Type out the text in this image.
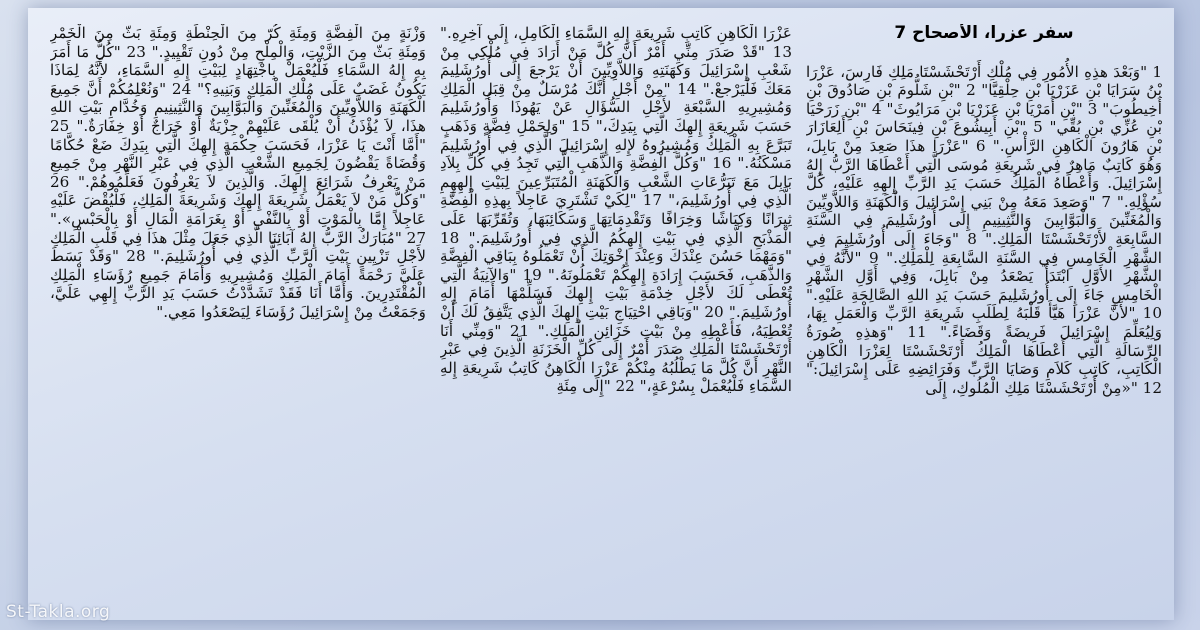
سفر عزرا، الأصحاح 7
1 "وَبَعْدَ هذِهِ الأُمُورِ فِي مُلْكِ أَرْتَحْشَسْتَا مَلِكِ فَارِسَ، عَزْرَا بْنُ سَرَايَا بْنِ عَزَرْيَا بْنِ حِلْقِيَّا" 2 "بْنِ شَلُّومَ بْنِ صَادُوقَ بْنِ أَخِيطُوبَ" 3 "بْنِ أَمَرْيَا بْنِ عَزَرْيَا بْنِ مَرَايُوثَ" 4 "بْنِ زَرَحْيَا بْنِ عُزِّي بْنِ بُقِّي" 5 "بْنِ أَبِيشُوعَ بْنِ فِينَحَاسَ بْنِ أَلِعَازَارَ بْنِ هَارُونَ الْكَاهِنِ الرَّأْسِ." 6 "عَزْرَا هذَا صَعِدَ مِنْ بَابِلَ، وَهُوَ كَاتِبٌ مَاهِرٌ فِي شَرِيعَةِ مُوسَى الَّتِي أَعْطَاهَا الرَّبُّ إِلهُ إِسْرَائِيلَ. وَأَعْطَاهُ الْمَلِكُ حَسَبَ يَدِ الرَّبِّ إِلهِهِ عَلَيْهِ، كُلَّ سُؤْلِهِ." 7 "وَصَعِدَ مَعَهُ مِنْ بَنِي إِسْرَائِيلَ وَالْكَهَنَةِ وَاللاَّوِيِّينَ وَالْمُغَنِّينَ وَالْبَوَّابِينَ وَالنَّثِينِيمِ إِلَى أُورُشَلِيمَ فِي السَّنَةِ السَّابِعَةِ لأَرْتَحْشَسْتَا الْمَلِكِ." 8 "وَجَاءَ إِلَى أُورُشَلِيمَ فِي الشَّهْرِ الْخَامِسِ فِي السَّنَةِ السَّابِعَةِ لِلْمَلِكِ." 9 "لأَنَّهُ فِي الشَّهْرِ الأَوَّلِ ابْتَدَأَ يَصْعَدُ مِنْ بَابِلَ، وَفِي أَوَّلِ الشَّهْرِ الْخَامِسِ جَاءَ إِلَى أُورُشَلِيمَ حَسَبَ يَدِ اللهِ الصَّالِحَةِ عَلَيْهِ." 10 "لأَنَّ عَزْرَا هَيَّأَ قَلْبَهُ لِطَلَبِ شَرِيعَةِ الرَّبِّ وَالْعَمَلِ بِهَا، وَلِيُعَلِّمَ إِسْرَائِيلَ فَرِيضَةً وَقَضَاءً." 11 "وَهذِهِ صُورَةُ الرِّسَالَةِ الَّتِي أَعْطَاهَا الْمَلِكُ أَرْتَحْشَسْتَا لِعَزْرَا الْكَاهِنِ الْكَاتِبِ، كَاتِبِ كَلاَمِ وَصَايَا الرَّبِّ وَفَرَائِضِهِ عَلَى إِسْرَائِيلَ:" 12 "«مِنْ أَرْتَحْشَسْتَا مَلِكِ الْمُلُوكِ، إِلَى
عَزْرَا الْكَاهِنِ كَاتِبِ شَرِيعَةِ إِلهِ السَّمَاءِ الْكَامِلِ، إِلَى آخِرِهِ." 13 "قَدْ صَدَرَ مِنِّي أَمْرٌ أَنَّ كُلَّ مَنْ أَرَادَ فِي مُلْكِي مِنْ شَعْبِ إِسْرَائِيلَ وَكَهَنَتِهِ وَاللاَّوِيِّينَ أَنْ يَرْجعَ إِلَى أُورُشَلِيمَ مَعَكَ فَلْيَرْجعْ." 14 "مِنْ أَجْلِ أَنَّكَ مُرْسَلٌ مِنْ قِبَلِ الْمَلِكِ وَمُشِيرِيهِ السَّبْعَةِ لأَجْلِ السُّؤَالِ عَنْ يَهُوذَا وَأُورُشَلِيمَ حَسَبَ شَرِيعَةِ إِلهِكَ الَّتِي بِيَدِكَ،" 15 "وَلِحَمْلِ فِضَّةٍ وَذَهَبٍ تَبَرَّعَ بِهِ الْمَلِكُ وَمُشِيرُوهُ لإِلهِ إِسْرَائِيلَ الَّذِي فِي أُورُشَلِيمَ مَسْكَنُهُ." 16 "وَكُلَّ الْفِضَّةِ وَالذَّهَبِ الَّتِي تَجِدُ فِي كُلِّ بِلاَدِ بَابِلَ مَعَ تَبَرُّعَاتِ الشَّعْبِ وَالْكَهَنَةِ الْمُتَبَرِّعِينَ لِبَيْتِ إِلهِهِمِ الَّذِي فِي أُورُشَلِيمَ،" 17 "لِكَيْ تَشْتَرِيَ عَاجِلاً بِهذِهِ الْفِضَّةِ ثِيرَانًا وَكِبَاشًا وَخِرَافًا وَتَقْدِمَاتِهَا وَسَكَائِبَهَا، وَتُقَرِّبَهَا عَلَى الْمَذْبَحِ الَّذِي فِي بَيْتِ إِلهِكُمُ الَّذِي فِي أُورُشَلِيمَ." 18 "وَمَهْمَا حَسُنَ عِنْدَكَ وَعِنْدَ إِخْوَتِكَ أَنْ تَعْمَلُوهُ بِبَاقِي الْفِضَّةِ وَالذَّهَبِ، فَحَسَبَ إِرَادَةِ إِلهِكُمْ تَعْمَلُونَهُ." 19 "وَالآنِيَةُ الَّتِي تُعْطَى لَكَ لأَجْلِ خِدْمَةِ بَيْتِ إِلهِكَ فَسَلِّمْهَا أَمَامَ إِلهِ أُورُشَلِيمَ." 20 "وَبَاقِي احْتِيَاجِ بَيْتِ إِلهِكَ الَّذِي يَتَّفِقُ لَكَ أَنْ تُعْطِيَهُ، فَأَعْطِهِ مِنْ بَيْتِ خَزَائِنِ الْمَلِكِ." 21 "وَمِنِّي أَنَا أَرْتَحْشَسْتَا الْمَلِكِ صَدَرَ أَمْرٌ إِلَى كُلِّ الْخَزَنَةِ الَّذِينَ فِي عَبْرِ النَّهْرِ أَنَّ كُلَّ مَا يَطْلُبُهُ مِنْكُمْ عَزْرَا الْكَاهِنُ كَاتِبُ شَرِيعَةِ إِلهِ السَّمَاءِ فَلْيُعْمَلْ بِسُرْعَةٍ،" 22 "إِلَى مِئَةِ
وَزْنَةٍ مِنَ الْفِضَّةِ وَمِئَةِ كُرّ مِنَ الْحِنْطَةِ وَمِئَةِ بَثّ مِنَ الْخَمْرِ وَمِئَةِ بَثّ مِنَ الزَّيْتِ، وَالْمِلْحِ مِنْ دُونِ تَقْيِيدٍ." 23 "كُلُّ مَا أَمَرَ بِهِ إِلهُ السَّمَاءِ فَلْيُعْمَلْ بِاجْتِهَادٍ لِبَيْتِ إِلهِ السَّمَاءِ، لأَنَّهُ لِمَاذَا يَكُونُ غَضَبٌ عَلَى مُلْكِ الْمَلِكِ وَبَنِيهِ؟" 24 "وَنُعْلِمُكُمْ أَنَّ جَمِيعَ الْكَهَنَةِ وَاللاَّوِيِّينَ وَالْمُغَنِّينَ وَالْبَوَّابِينَ وَالنَّثِينِيمِ وَخُدَّامِ بَيْتِ اللهِ هذَا، لاَ يُؤْذَنُ أَنْ يُلْقَى عَلَيْهِمْ جِزْيَةٌ أَوْ خَرَاجٌ أَوْ خِفَارَةٌ." 25 "أَمَّا أَنْتَ يَا عَزْرَا، فَحَسَبَ حِكْمَةِ إِلهِكَ الَّتِي بِيَدِكَ ضَعْ حُكَّامًا وَقُضَاةً يَقْضُونَ لِجَمِيعِ الشَّعْبِ الَّذِي فِي عَبْرِ النَّهْرِ مِنْ جَمِيعِ مَنْ يَعْرِفُ شَرَائِعَ إِلهِكَ. وَالَّذِينَ لاَ يَعْرِفُونَ فَعَلِّمُوهُمْ." 26 "وَكُلُّ مَنْ لاَ يَعْمَلُ شَرِيعَةَ إِلهِكَ وَشَرِيعَةَ الْمَلِكِ، فَلْيُقْضَ عَلَيْهِ عَاجِلاً إِمَّا بِالْمَوْتِ أَوْ بِالنَّفْيِ أَوْ بِغَرَامَةِ الْمَالِ أَوْ بِالْحَبْسِ»." 27 "مُبَارَكٌ الرَّبُّ إِلهُ آبَائِنَا الَّذِي جَعَلَ مِثْلَ هذَا فِي قَلْبِ الْمَلِكِ لأَجْلِ تَزْيِينِ بَيْتِ الرَّبِّ الَّذِي فِي أُورُشَلِيمَ." 28 "وَقَدْ بَسَطَ عَلَيَّ رَحْمَةً أَمَامَ الْمَلِكِ وَمُشِيرِيهِ وَأَمَامَ جَمِيعِ رُؤَسَاءِ الْمَلِكِ الْمُقْتَدِرِينَ. وَأَمَّا أَنَا فَقَدْ تَشَدَّدْتُ حَسَبَ يَدِ الرَّبِّ إِلهِي عَلَيَّ، وَجَمَعْتُ مِنْ إِسْرَائِيلَ رُؤَسَاءَ لِيَصْعَدُوا مَعِي."
St-Takla.org
